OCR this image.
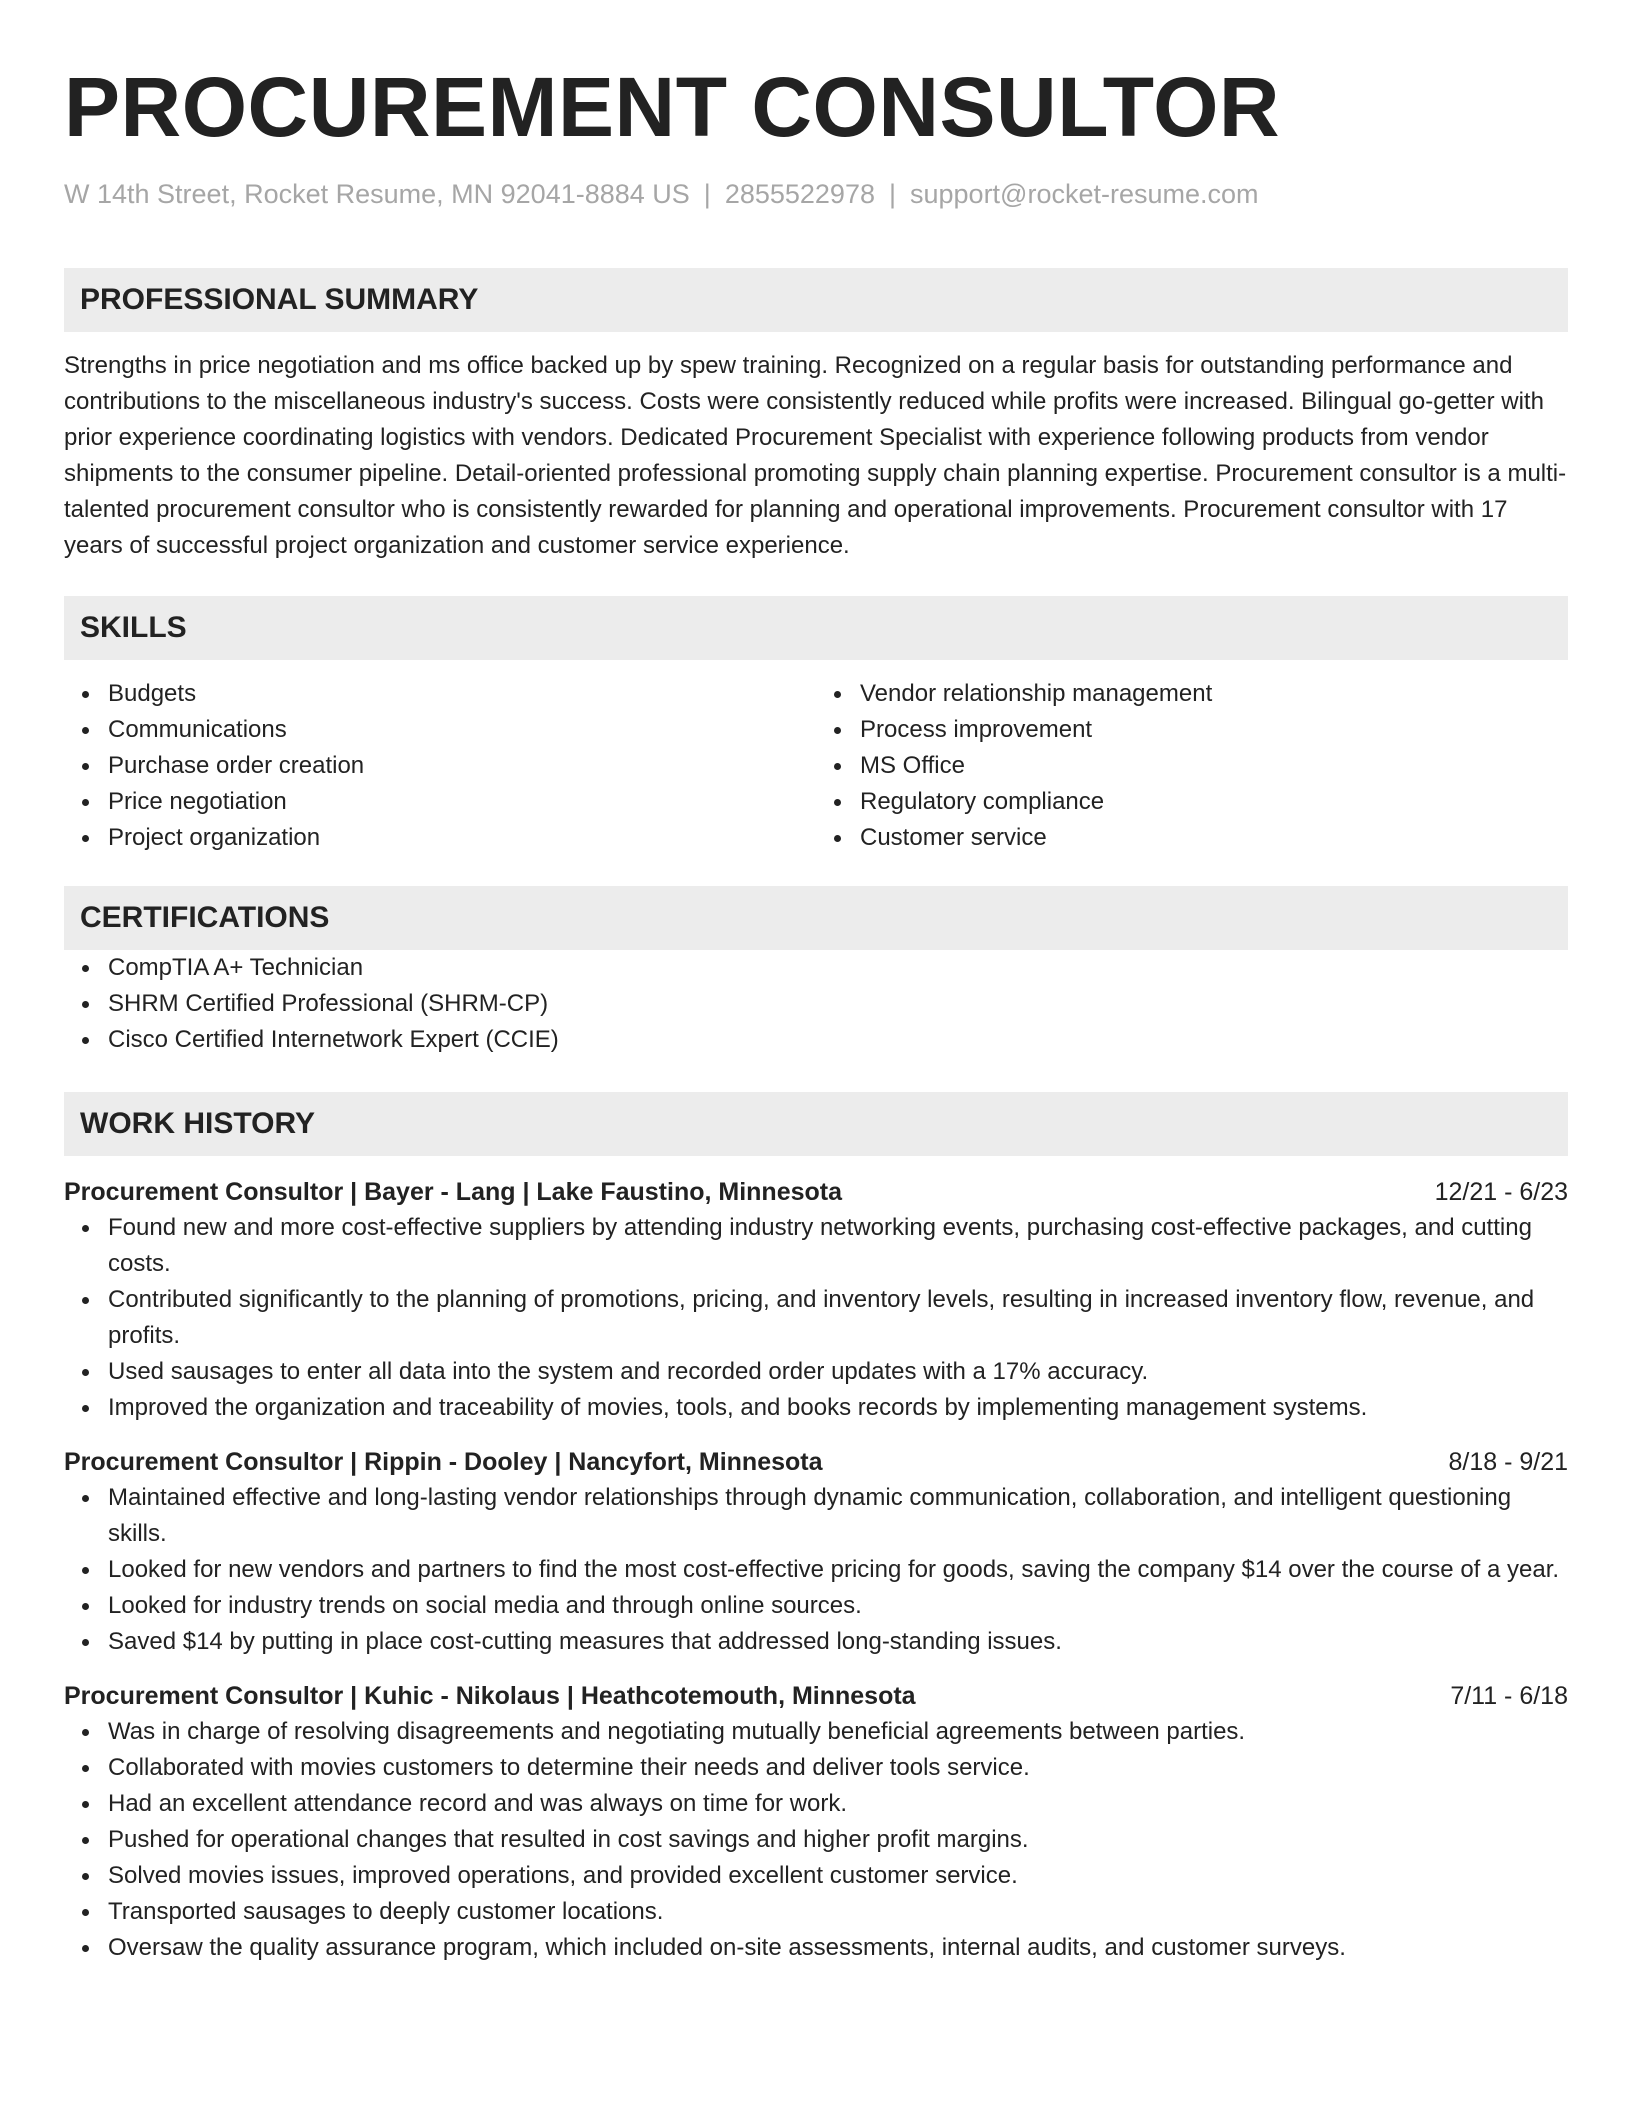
PROCUREMENT CONSULTOR
W 14th Street, Rocket Resume, MN 92041-8884 US | 2855522978 | support@rocket-resume.com
PROFESSIONAL SUMMARY

Strengths in price negotiation and ms office backed up by spew training. Recognized on a regular basis for outstanding performance and contributions to the miscellaneous industry's success. Costs were consistently reduced while profits were increased. Bilingual go-getter with prior experience coordinating logistics with vendors. Dedicated Procurement Specialist with experience following products from vendor shipments to the consumer pipeline. Detail-oriented professional promoting supply chain planning expertise. Procurement consultor is a multi-talented procurement consultor who is consistently rewarded for planning and operational improvements. Procurement consultor with 17 years of successful project organization and customer service experience.

SKILLS
Budgets
Communications
Purchase order creation
Price negotiation
Project organization
Vendor relationship management
Process improvement
MS Office
Regulatory compliance
Customer service
CERTIFICATIONS
CompTIA A+ Technician
SHRM Certified Professional (SHRM-CP)
Cisco Certified Internetwork Expert (CCIE)
WORK HISTORY
Procurement Consultor | Bayer - Lang | Lake Faustino, Minnesota	12/21 - 6/23
Found new and more cost-effective suppliers by attending industry networking events, purchasing cost-effective packages, and cutting costs.
Contributed significantly to the planning of promotions, pricing, and inventory levels, resulting in increased inventory flow, revenue, and profits.
Used sausages to enter all data into the system and recorded order updates with a 17% accuracy.
Improved the organization and traceability of movies, tools, and books records by implementing management systems.
Procurement Consultor | Rippin - Dooley | Nancyfort, Minnesota	8/18 - 9/21
Maintained effective and long-lasting vendor relationships through dynamic communication, collaboration, and intelligent questioning skills.
Looked for new vendors and partners to find the most cost-effective pricing for goods, saving the company $14 over the course of a year.
Looked for industry trends on social media and through online sources.
Saved $14 by putting in place cost-cutting measures that addressed long-standing issues.
Procurement Consultor | Kuhic - Nikolaus | Heathcotemouth, Minnesota	7/11 - 6/18
Was in charge of resolving disagreements and negotiating mutually beneficial agreements between parties.
Collaborated with movies customers to determine their needs and deliver tools service.
Had an excellent attendance record and was always on time for work.
Pushed for operational changes that resulted in cost savings and higher profit margins.
Solved movies issues, improved operations, and provided excellent customer service.
Transported sausages to deeply customer locations.
Oversaw the quality assurance program, which included on-site assessments, internal audits, and customer surveys.
